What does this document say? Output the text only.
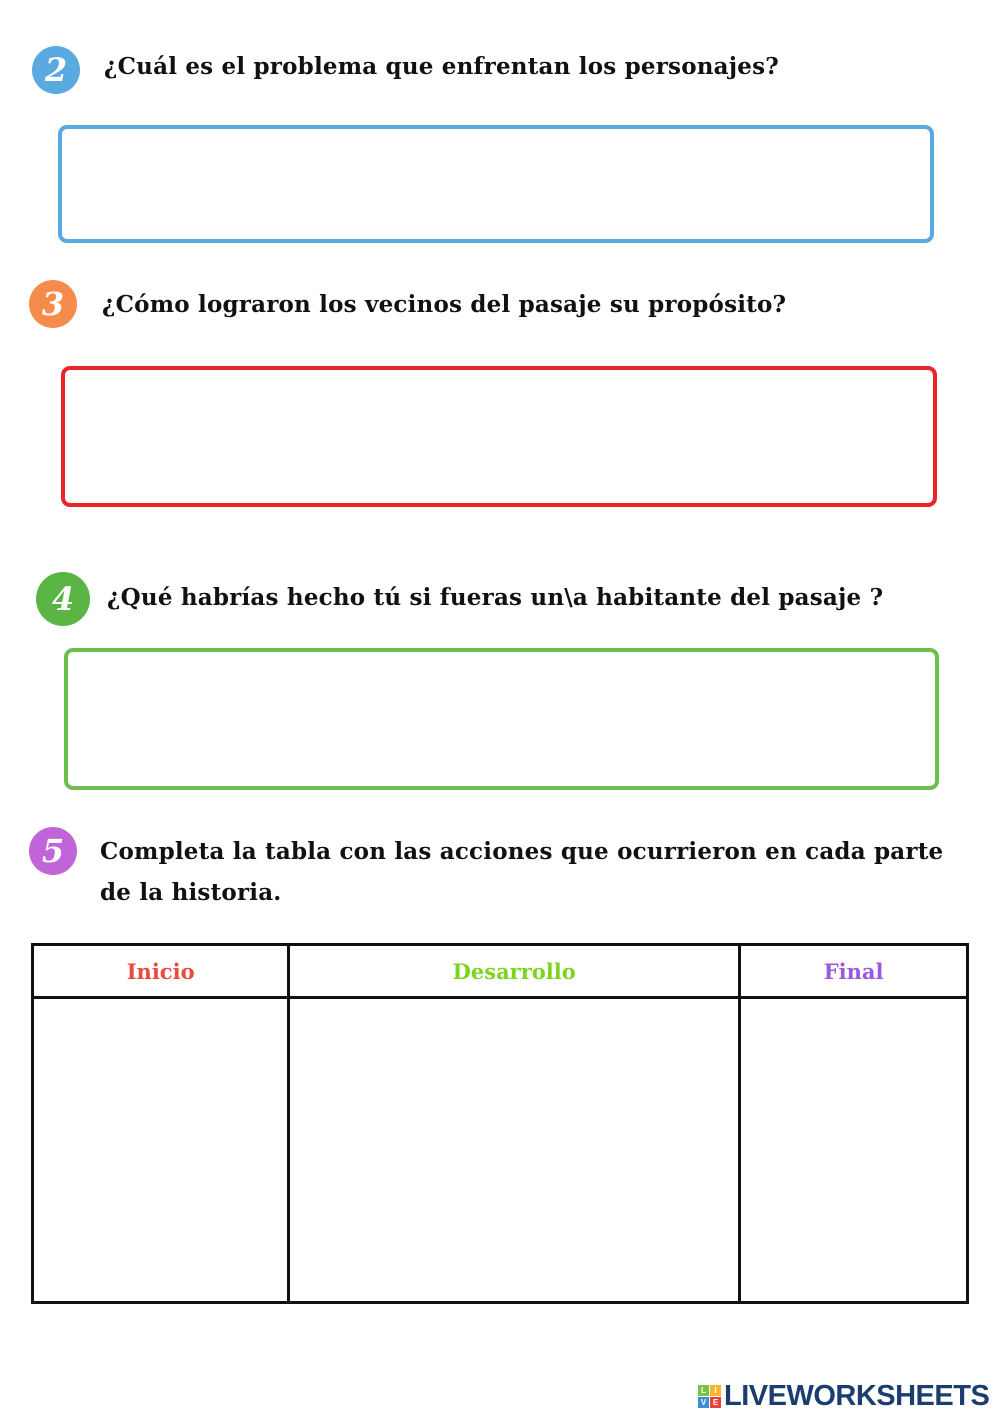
2	¿Cuál es el problema que enfrentan los personajes?
3	¿Cómo lograron los vecinos del pasaje su propósito?
4	¿Qué habrías hecho tú si fueras un\a habitante del pasaje ?
5	Completa la tabla con las acciones que ocurrieron en cada parte de la historia.
Inicio	Desarrollo	Final

L	I
V E LIVEWORKSHEETS
